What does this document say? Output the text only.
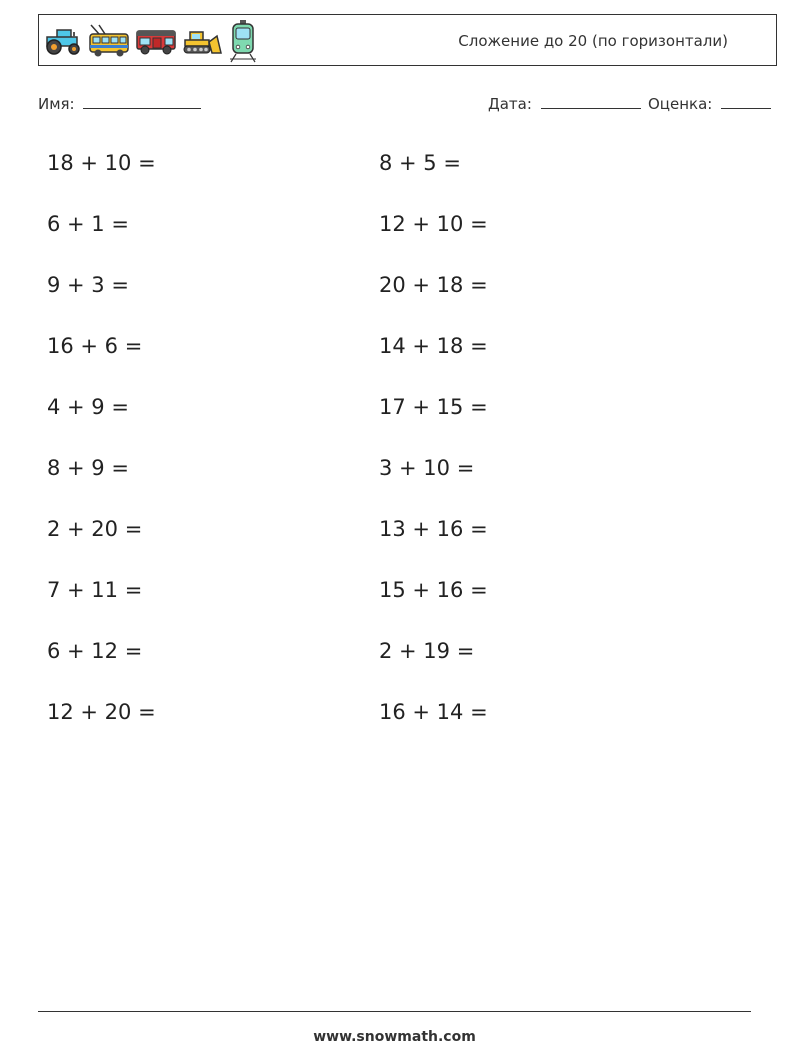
Сложение до 20 (по горизонтали)
Имя:	Дата:	Оценка:
18 + 10 =
6 + 1 =
9 + 3 =
16 + 6 =
4 + 9 =
8 + 9 =
2 + 20 =
7 + 11 =
6 + 12 =
12 + 20 =
8 + 5 =
12 + 10 =
20 + 18 =
14 + 18 =
17 + 15 =
3 + 10 =
13 + 16 =
15 + 16 =
2 + 19 =
16 + 14 =
www.snowmath.com
